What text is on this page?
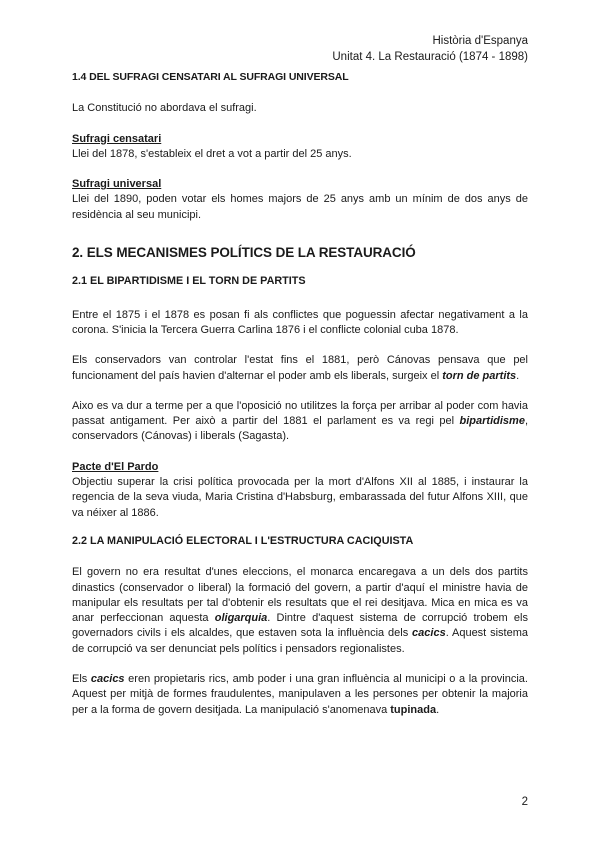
Història d'Espanya
Unitat 4. La Restauració (1874 - 1898)

1.4 DEL SUFRAGI CENSATARI AL SUFRAGI UNIVERSAL

La Constitució no abordava el sufragi.

Sufragi censatari

Llei del 1878, s'estableix el dret a vot a partir del 25 anys.

Sufragi universal

Llei del 1890, poden votar els homes majors de 25 anys amb un mínim de dos anys de residència al seu municipi.

2. ELS MECANISMES POLÍTICS DE LA RESTAURACIÓ

2.1 EL BIPARTIDISME I EL TORN DE PARTITS

Entre el 1875 i el 1878 es posan fi als conflictes que poguessin afectar negativament a la corona. S'inicia la Tercera Guerra Carlina 1876 i el conflicte colonial cuba 1878.

Els conservadors van controlar l'estat fins el 1881, però Cánovas pensava que pel funcionament del país havien d'alternar el poder amb els liberals, surgeix el torn de partits.

Aixo es va dur a terme per a que l'oposició no utilitzes la força per arribar al poder com havia passat antigament. Per això a partir del 1881 el parlament es va regi pel bipartidisme, conservadors (Cánovas) i liberals (Sagasta).

Pacte d'El Pardo

Objectiu superar la crisi política provocada per la mort d'Alfons XII al 1885, i instaurar la regencia de la seva viuda, Maria Cristina d'Habsburg, embarassada del futur Alfons XIII, que va néixer al 1886.

2.2 LA MANIPULACIÓ ELECTORAL I L'ESTRUCTURA CACIQUISTA

El govern no era resultat d'unes eleccions, el monarca encaregava a un dels dos partits dinastics (conservador o liberal) la formació del govern, a partir d'aquí el ministre havia de manipular els resultats per tal d'obtenir els resultats que el rei desitjava. Mica en mica es va anar perfeccionan aquesta oligarquia. Dintre d'aquest sistema de corrupció trobem els governadors civils i els alcaldes, que estaven sota la influència dels cacics. Aquest sistema de corrupció va ser denunciat pels polítics i pensadors regionalistes.

Els cacics eren propietaris rics, amb poder i una gran influència al municipi o a la provincia. Aquest per mitjà de formes fraudulentes, manipulaven a les persones per obtenir la majoria per a la forma de govern desitjada. La manipulació s'anomenava tupinada.

2
